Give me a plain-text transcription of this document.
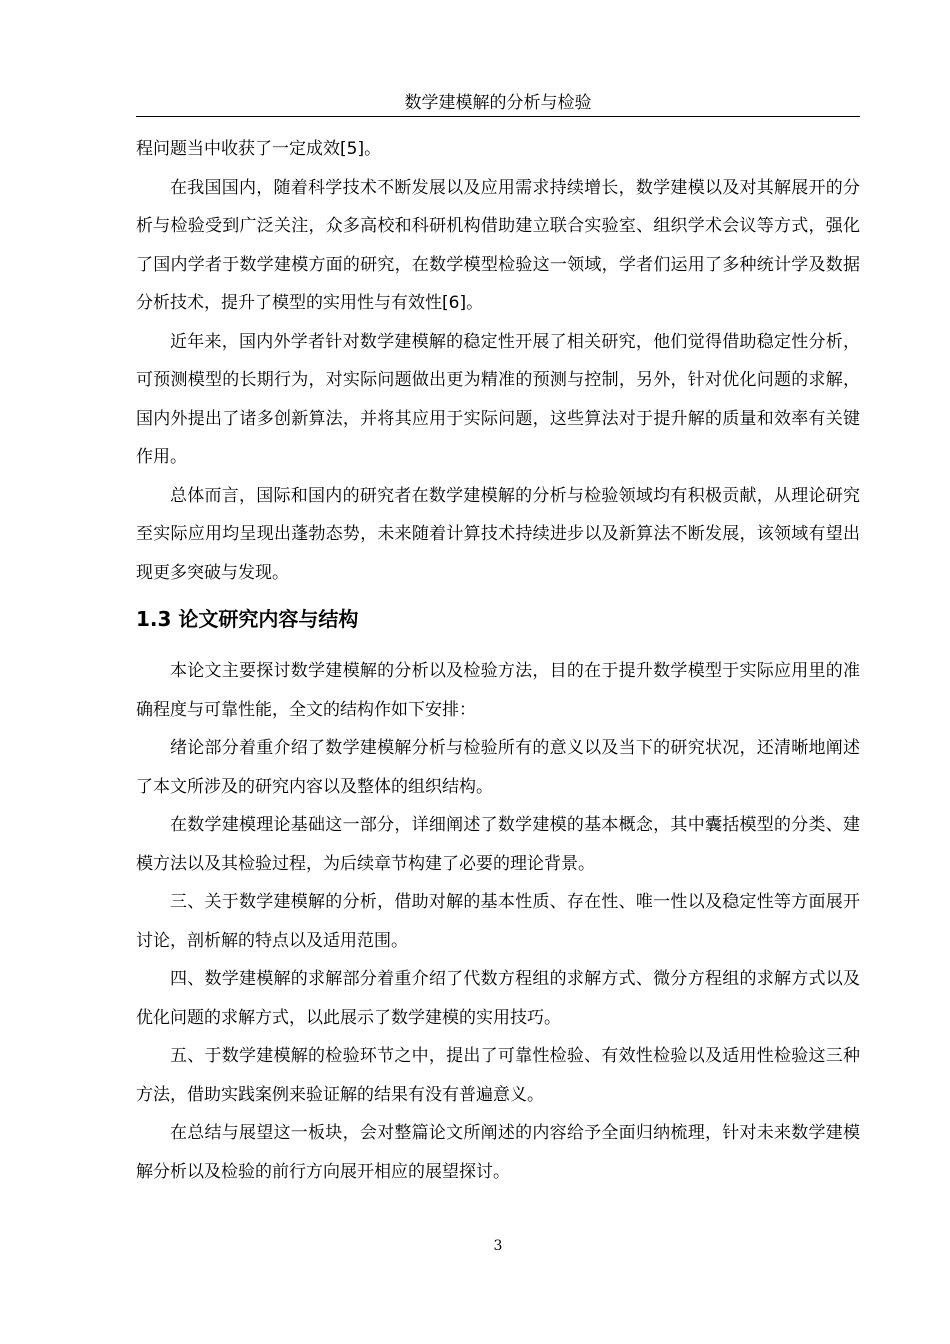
数学建模解的分析与检验

程问题当中收获了一定成效[5]。

在我国国内，随着科学技术不断发展以及应用需求持续增长，数学建模以及对其解展开的分析与检验受到广泛关注，众多高校和科研机构借助建立联合实验室、组织学术会议等方式，强化了国内学者于数学建模方面的研究，在数学模型检验这一领域，学者们运用了多种统计学及数据分析技术，提升了模型的实用性与有效性[6]。

近年来，国内外学者针对数学建模解的稳定性开展了相关研究，他们觉得借助稳定性分析，可预测模型的长期行为，对实际问题做出更为精准的预测与控制，另外，针对优化问题的求解，国内外提出了诸多创新算法，并将其应用于实际问题，这些算法对于提升解的质量和效率有关键作用。

总体而言，国际和国内的研究者在数学建模解的分析与检验领域均有积极贡献，从理论研究至实际应用均呈现出蓬勃态势，未来随着计算技术持续进步以及新算法不断发展，该领域有望出现更多突破与发现。

1.3 论文研究内容与结构

本论文主要探讨数学建模解的分析以及检验方法，目的在于提升数学模型于实际应用里的准确程度与可靠性能，全文的结构作如下安排：

绪论部分着重介绍了数学建模解分析与检验所有的意义以及当下的研究状况，还清晰地阐述了本文所涉及的研究内容以及整体的组织结构。

在数学建模理论基础这一部分，详细阐述了数学建模的基本概念，其中囊括模型的分类、建模方法以及其检验过程，为后续章节构建了必要的理论背景。

三、关于数学建模解的分析，借助对解的基本性质、存在性、唯一性以及稳定性等方面展开讨论，剖析解的特点以及适用范围。

四、数学建模解的求解部分着重介绍了代数方程组的求解方式、微分方程组的求解方式以及优化问题的求解方式，以此展示了数学建模的实用技巧。

五、于数学建模解的检验环节之中，提出了可靠性检验、有效性检验以及适用性检验这三种方法，借助实践案例来验证解的结果有没有普遍意义。

在总结与展望这一板块，会对整篇论文所阐述的内容给予全面归纳梳理，针对未来数学建模解分析以及检验的前行方向展开相应的展望探讨。

3
